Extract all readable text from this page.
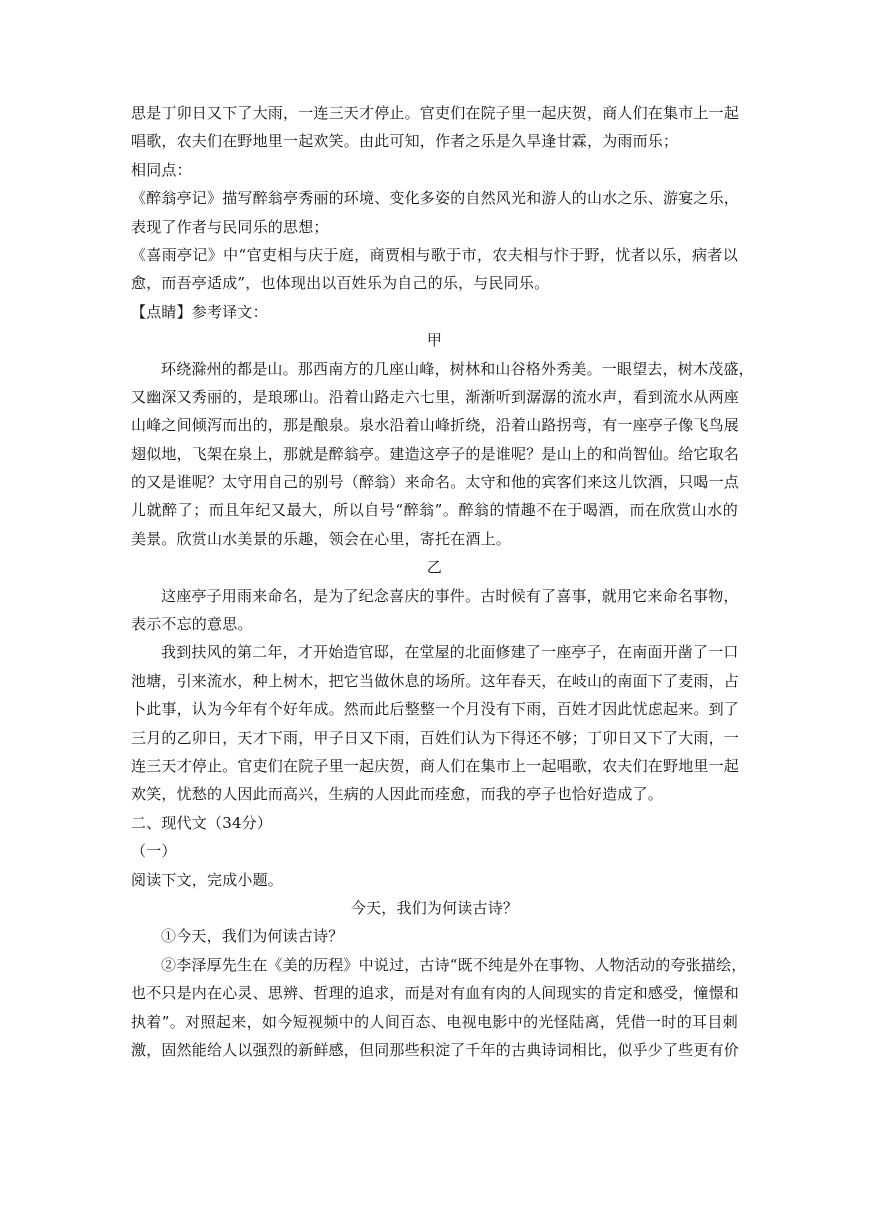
思是丁卯日又下了大雨，一连三天才停止。官吏们在院子里一起庆贺，商人们在集市上一起
唱歌，农夫们在野地里一起欢笑。由此可知，作者之乐是久旱逢甘霖，为雨而乐；
相同点：
《醉翁亭记》描写醉翁亭秀丽的环境、变化多姿的自然风光和游人的山水之乐、游宴之乐，
表现了作者与民同乐的思想；
《喜雨亭记》中“官吏相与庆于庭，商贾相与歌于市，农夫相与忭于野，忧者以乐，病者以
愈，而吾亭适成”，也体现出以百姓乐为自己的乐，与民同乐。
【点睛】参考译文：
甲
环绕滁州的都是山。那西南方的几座山峰，树林和山谷格外秀美。一眼望去，树木茂盛，
又幽深又秀丽的，是琅琊山。沿着山路走六七里，渐渐听到潺潺的流水声，看到流水从两座
山峰之间倾泻而出的，那是酿泉。泉水沿着山峰折绕，沿着山路拐弯，有一座亭子像飞鸟展
翅似地，飞架在泉上，那就是醉翁亭。建造这亭子的是谁呢？是山上的和尚智仙。给它取名
的又是谁呢？太守用自己的别号（醉翁）来命名。太守和他的宾客们来这儿饮酒，只喝一点
儿就醉了；而且年纪又最大，所以自号“醉翁”。醉翁的情趣不在于喝酒，而在欣赏山水的
美景。欣赏山水美景的乐趣，领会在心里，寄托在酒上。
乙
这座亭子用雨来命名，是为了纪念喜庆的事件。古时候有了喜事，就用它来命名事物，
表示不忘的意思。
我到扶风的第二年，才开始造官邸，在堂屋的北面修建了一座亭子，在南面开凿了一口
池塘，引来流水，种上树木，把它当做休息的场所。这年春天，在岐山的南面下了麦雨，占
卜此事，认为今年有个好年成。然而此后整整一个月没有下雨，百姓才因此忧虑起来。到了
三月的乙卯日，天才下雨，甲子日又下雨，百姓们认为下得还不够；丁卯日又下了大雨，一
连三天才停止。官吏们在院子里一起庆贺，商人们在集市上一起唱歌，农夫们在野地里一起
欢笑，忧愁的人因此而高兴，生病的人因此而痊愈，而我的亭子也恰好造成了。
二、现代文（34分）
（一）
阅读下文，完成小题。
今天，我们为何读古诗？
①今天，我们为何读古诗？
②李泽厚先生在《美的历程》中说过，古诗“既不纯是外在事物、人物活动的夸张描绘，
也不只是内在心灵、思辨、哲理的追求，而是对有血有肉的人间现实的肯定和感受，憧憬和
执着”。对照起来，如今短视频中的人间百态、电视电影中的光怪陆离，凭借一时的耳目刺
激，固然能给人以强烈的新鲜感，但同那些积淀了千年的古典诗词相比，似乎少了些更有价
